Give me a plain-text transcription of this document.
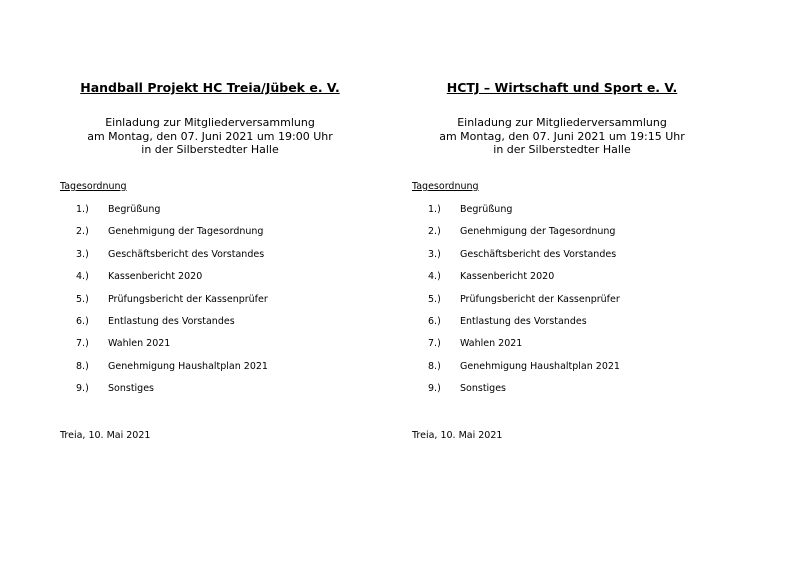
Handball Projekt HC Treia/Jübek e. V.
Einladung zur Mitgliederversammlung
am Montag, den 07. Juni 2021 um 19:00 Uhr
in der Silberstedter Halle
Tagesordnung
1.) Begrüßung
2.) Genehmigung der Tagesordnung
3.) Geschäftsbericht des Vorstandes
4.) Kassenbericht 2020
5.) Prüfungsbericht der Kassenprüfer
6.) Entlastung des Vorstandes
7.) Wahlen 2021
8.) Genehmigung Haushaltplan 2021
9.) Sonstiges
Treia, 10. Mai 2021
HCTJ – Wirtschaft und Sport e. V.
Einladung zur Mitgliederversammlung
am Montag, den 07. Juni 2021 um 19:15 Uhr
in der Silberstedter Halle
Tagesordnung
1.) Begrüßung
2.) Genehmigung der Tagesordnung
3.) Geschäftsbericht des Vorstandes
4.) Kassenbericht 2020
5.) Prüfungsbericht der Kassenprüfer
6.) Entlastung des Vorstandes
7.) Wahlen 2021
8.) Genehmigung Haushaltplan 2021
9.) Sonstiges
Treia, 10. Mai 2021
